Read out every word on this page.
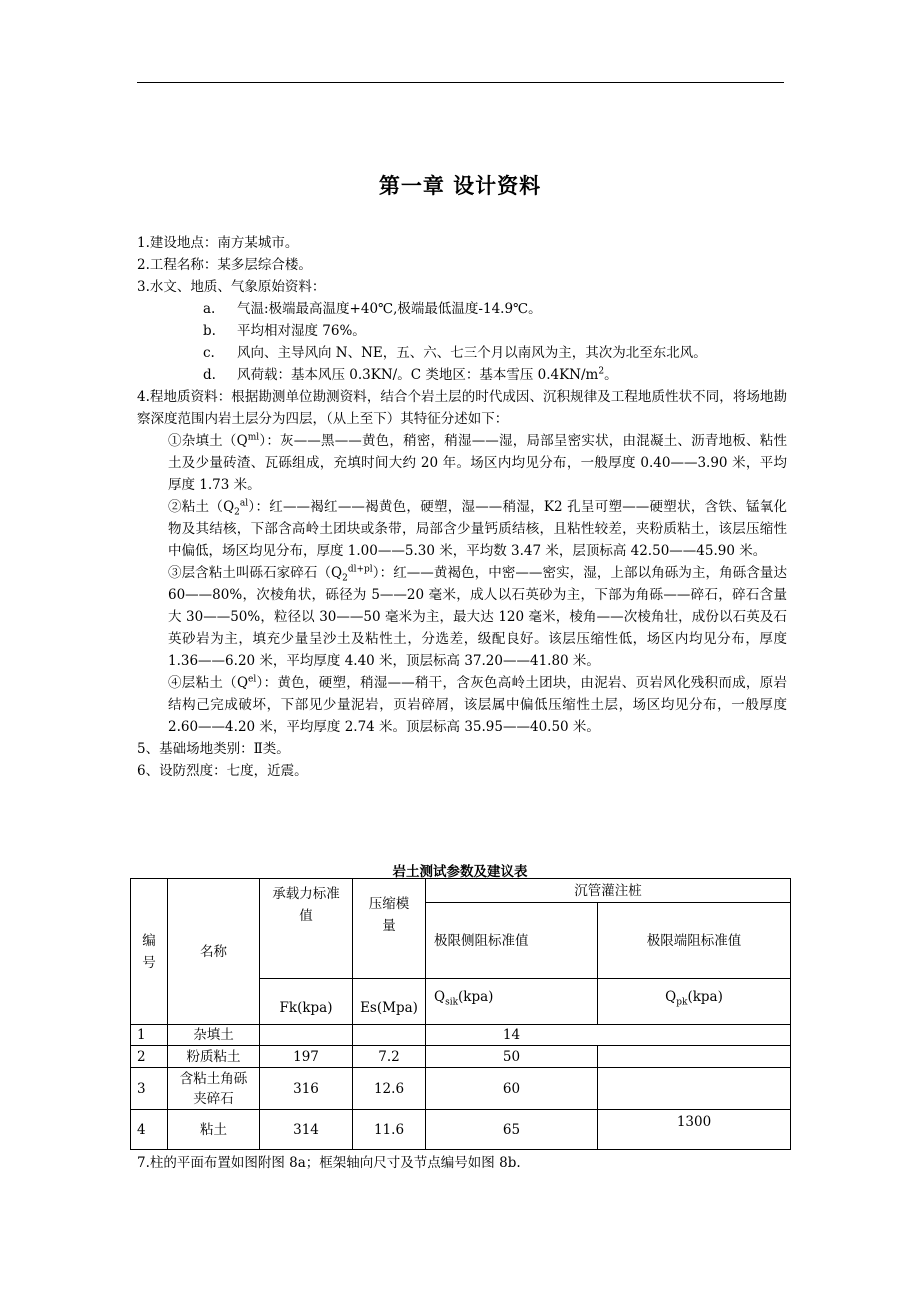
第一章 设计资料

1.建设地点：南方某城市。

2.工程名称：某多层综合楼。

3.水文、地质、气象原始资料：

a.	气温:极端最高温度+40℃,极端最低温度-14.9℃。

b.	平均相对湿度 76%。

c.	风向、主导风向 N、NE，五、六、七三个月以南风为主，其次为北至东北风。

d.	风荷载：基本风压 0.3KN/。C 类地区：基本雪压 $0.4KN/m^2$。

4.程地质资料：根据勘测单位勘测资料，结合个岩土层的时代成因、沉积规律及工程地质性状不同，将场地勘察深度范围内岩土层分为四层，（从上至下）其特征分述如下：

①杂填土$(Q^{ml})$：灰——黑——黄色，稍密，稍湿——湿，局部呈密实状，由混凝土、沥青地板、粘性土及少量砖渣、瓦砾组成，充填时间大约 20 年。场区内均见分布，一般厚度 0.40——3.90 米，平均厚度 1.73 米。

②粘土$(Q_2^{al})$：红——褐红——褐黄色，硬塑，湿——稍湿，K2 孔呈可塑——硬塑状，含铁、锰氧化物及其结核，下部含高岭土团块或条带，局部含少量钙质结核，且粘性较差，夹粉质粘土，该层压缩性中偏低，场区均见分布，厚度 1.00——5.30 米，平均数 3.47 米，层顶标高 42.50——45.90 米。

③层含粘土叫砾石家碎石$(Q_2^{dl+pl})$：红——黄褐色，中密——密实，湿，上部以角砾为主，角砾含量达 60——80%，次棱角状，砾径为 5——20 毫米，成人以石英砂为主，下部为角砾——碎石，碎石含量大 30——50%，粒径以 30——50 毫米为主，最大达 120 毫米，棱角——次棱角壮，成份以石英及石英砂岩为主，填充少量呈沙土及粘性土，分选差，级配良好。该层压缩性低，场区内均见分布，厚度 1.36——6.20 米，平均厚度 4.40 米，顶层标高 37.20——41.80 米。

④层粘土$(Q^{el})$：黄色，硬塑，稍湿——稍干，含灰色高岭土团块，由泥岩、页岩风化残积而成，原岩结构己完成破坏，下部见少量泥岩，页岩碎屑，该层属中偏低压缩性土层，场区均见分布，一般厚度 2.60——4.20 米，平均厚度 2.74 米。顶层标高 35.95——40.50 米。

5、基础场地类别：Ⅱ类。

6、设防烈度：七度，近震。

岩土测试参数及建议表
编号	名称	承载力标准值	压缩模量	沉管灌注桩	

				极限侧阻标准值	极限端阻标准值

		Fk(kpa)	Es(Mpa)	$Q_{sik}(kpa)$	$Q_{pk}(kpa)$

1	杂填土			14	
2	粉质粘土	197	7.2	50	
3	含粘土角砾夹碎石	316	12.6	60	
4	粘土	314	11.6	65	1300
7.柱的平面布置如图附图 8a；框架轴向尺寸及节点编号如图 8b.
